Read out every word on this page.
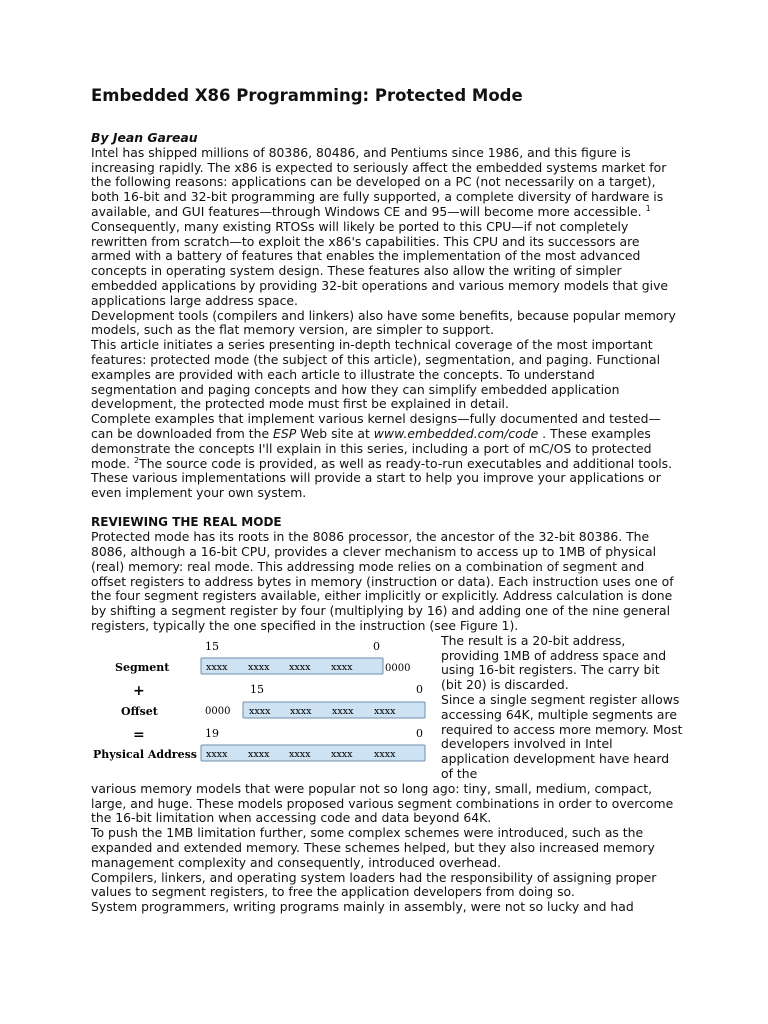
Embedded X86 Programming: Protected Mode
By Jean Gareau

Intel has shipped millions of 80386, 80486, and Pentiums since 1986, and this figure is increasing rapidly. The x86 is expected to seriously affect the embedded systems market for the following reasons: applications can be developed on a PC (not necessarily on a target), both 16-bit and 32-bit programming are fully supported, a complete diversity of hardware is available, and GUI features—through Windows CE and 95—will become more accessible. $^1$

Consequently, many existing RTOSs will likely be ported to this CPU—if not completely rewritten from scratch—to exploit the x86's capabilities. This CPU and its successors are armed with a battery of features that enables the implementation of the most advanced concepts in operating system design. These features also allow the writing of simpler embedded applications by providing 32-bit operations and various memory models that give applications large address space.

Development tools (compilers and linkers) also have some benefits, because popular memory models, such as the flat memory version, are simpler to support.

This article initiates a series presenting in-depth technical coverage of the most important features: protected mode (the subject of this article), segmentation, and paging. Functional examples are provided with each article to illustrate the concepts. To understand segmentation and paging concepts and how they can simplify embedded application development, the protected mode must first be explained in detail.

Complete examples that implement various kernel designs—fully documented and tested—can be downloaded from the ESP Web site at www.embedded.com/code . These examples demonstrate the concepts I'll explain in this series, including a port of mC/OS to protected mode. $^2$The source code is provided, as well as ready-to-run executables and additional tools. These various implementations will provide a start to help you improve your applications or even implement your own system.

REVIEWING THE REAL MODE

Protected mode has its roots in the 8086 processor, the ancestor of the 32-bit 80386. The 8086, although a 16-bit CPU, provides a clever mechanism to access up to 1MB of physical (real) memory: real mode. This addressing mode relies on a combination of segment and offset registers to address bytes in memory (instruction or data). Each instruction uses one of the four segment registers available, either implicitly or explicitly. Address calculation is done by shifting a segment register by four (multiplying by 16) and adding one of the nine general registers, typically the one specified in the instruction (see Figure 1).

15	0
Segment	xxxx xxxx xxxx xxxx	0000
+	15	0
Offset	0000 xxxx xxxx xxxx xxxx
=	19	0
Physical Address xxxx xxxx xxxx xxxx xxxx

The result is a 20-bit address, providing 1MB of address space and using 16-bit registers. The carry bit (bit 20) is discarded.

Since a single segment register allows accessing 64K, multiple segments are required to access more memory. Most developers involved in Intel application development have heard of the

various memory models that were popular not so long ago: tiny, small, medium, compact, large, and huge. These models proposed various segment combinations in order to overcome the 16-bit limitation when accessing code and data beyond 64K.

To push the 1MB limitation further, some complex schemes were introduced, such as the expanded and extended memory. These schemes helped, but they also increased memory management complexity and consequently, introduced overhead.

Compilers, linkers, and operating system loaders had the responsibility of assigning proper values to segment registers, to free the application developers from doing so.

System programmers, writing programs mainly in assembly, were not so lucky and had
